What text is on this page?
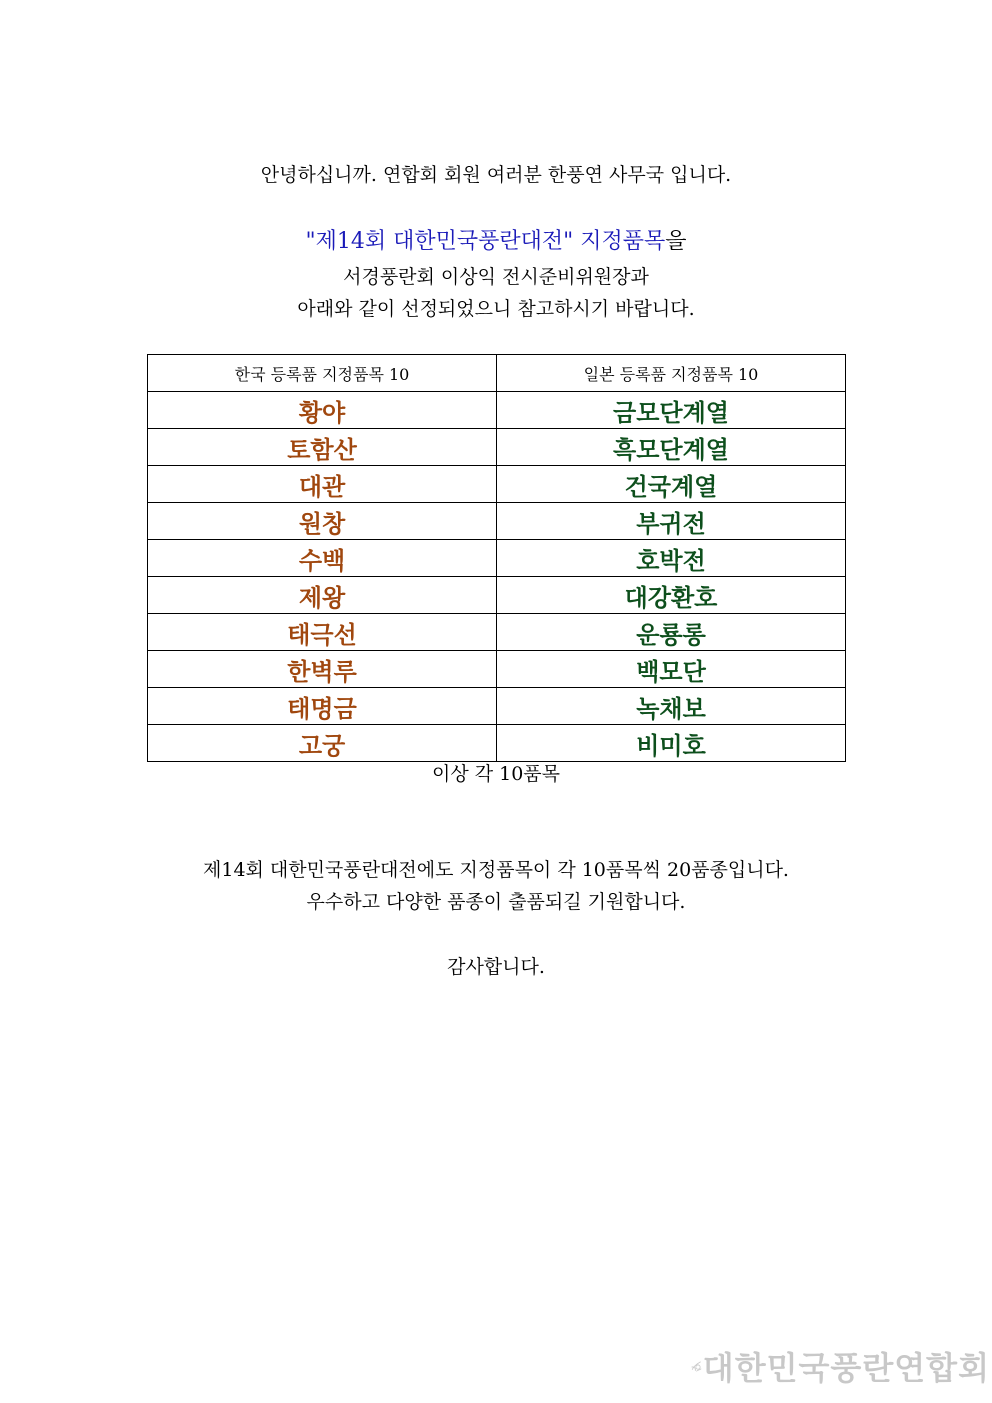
안녕하십니까. 연합회 회원 여러분 한풍연 사무국 입니다.
"제14회 대한민국풍란대전" 지정품목을
서경풍란회 이상익 전시준비위원장과
아래와 같이 선정되었으니 참고하시기 바랍니다.
한국 등록품 지정품목 10	일본 등록품 지정품목 10
황야	금모단계열
토함산	흑모단계열
대관	건국계열
원창	부귀전
수백	호박전
제왕	대강환호
태극선	운룡롱
한벽루	백모단
태명금	녹채보
고궁	비미호
이상 각 10품목
제14회 대한민국풍란대전에도 지정품목이 각 10품목씩 20품종입니다.
우수하고 다양한 품종이 출품되길 기원합니다.
감사합니다.
대한민국풍란연합회
